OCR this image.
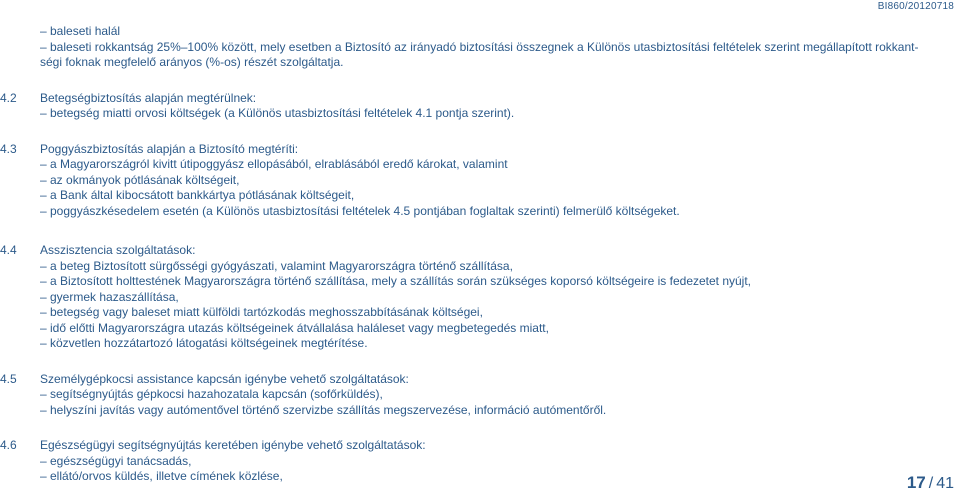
BI860/20120718
– baleseti halál
– baleseti rokkantság 25%–100% között, mely esetben a Biztosító az irányadó biztosítási összegnek a Különös utasbiztosítási feltételek szerint megállapított rokkant-
ségi foknak megfelelő arányos (%-os) részét szolgáltatja.
4.2	Betegségbiztosítás alapján megtérülnek:
– betegség miatti orvosi költségek (a Különös utasbiztosítási feltételek 4.1 pontja szerint).
4.3	Poggyászbiztosítás alapján a Biztosító megtéríti:
– a Magyarországról kivitt útipoggyász ellopásából, elrablásából eredő károkat, valamint
– az okmányok pótlásának költségeit,
– a Bank által kibocsátott bankkártya pótlásának költségeit,
– poggyászkésedelem esetén (a Különös utasbiztosítási feltételek 4.5 pontjában foglaltak szerinti) felmerülő költségeket.
4.4	Asszisztencia szolgáltatások:
– a beteg Biztosított sürgősségi gyógyászati, valamint Magyarországra történő szállítása,
– a Biztosított holttestének Magyarországra történő szállítása, mely a szállítás során szükséges koporsó költségeire is fedezetet nyújt,
– gyermek hazaszállítása,
– betegség vagy baleset miatt külföldi tartózkodás meghosszabbításának költségei,
– idő előtti Magyarországra utazás költségeinek átvállalása haláleset vagy megbetegedés miatt,
– közvetlen hozzátartozó látogatási költségeinek megtérítése.
4.5	Személygépkocsi assistance kapcsán igénybe vehető szolgáltatások:
– segítségnyújtás gépkocsi hazahozatala kapcsán (sofőrküldés),
– helyszíni javítás vagy autómentővel történő szervizbe szállítás megszervezése, információ autómentőről.
4.6	Egészségügyi segítségnyújtás keretében igénybe vehető szolgáltatások:
– egészségügyi tanácsadás,
– ellátó/orvos küldés, illetve címének közlése,	17 / 41
